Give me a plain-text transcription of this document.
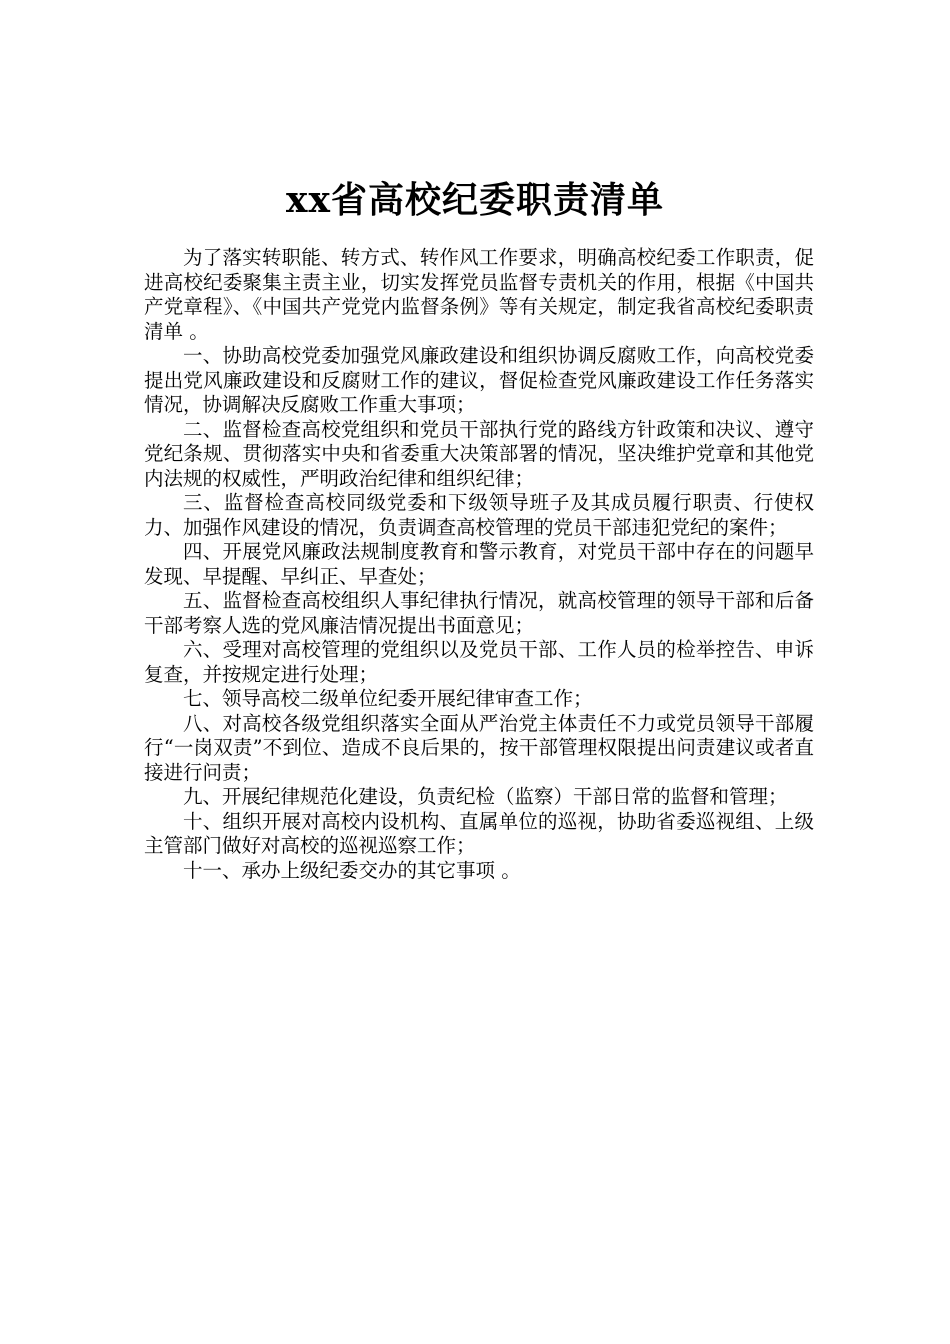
xx省高校纪委职责清单

为了落实转职能、转方式、转作风工作要求，明确高校纪委工作职责，促进高校纪委聚集主责主业，切实发挥党员监督专责机关的作用，根据《中国共产党章程》、《中国共产党党内监督条例》等有关规定，制定我省高校纪委职责清单 。

一、协助高校党委加强党风廉政建设和组织协调反腐败工作，向高校党委提出党风廉政建设和反腐财工作的建议，督促检查党风廉政建设工作任务落实情况，协调解决反腐败工作重大事项；

二、监督检查高校党组织和党员干部执行党的路线方针政策和决议、遵守党纪条规、贯彻落实中央和省委重大决策部署的情况，坚决维护党章和其他党内法规的权威性，严明政治纪律和组织纪律；

三、监督检查高校同级党委和下级领导班子及其成员履行职责、行使权力、加强作风建设的情况，负责调查高校管理的党员干部违犯党纪的案件；

四、开展党风廉政法规制度教育和警示教育，对党员干部中存在的问题早发现、早提醒、早纠正、早查处；

五、监督检查高校组织人事纪律执行情况，就高校管理的领导干部和后备干部考察人选的党风廉洁情况提出书面意见；

六、受理对高校管理的党组织以及党员干部、工作人员的检举控告、申诉复查，并按规定进行处理；

七、领导高校二级单位纪委开展纪律审查工作；

八、对高校各级党组织落实全面从严治党主体责任不力或党员领导干部履行“一岗双责”不到位、造成不良后果的，按干部管理权限提出问责建议或者直接进行问责；

九、开展纪律规范化建设，负责纪检（监察）干部日常的监督和管理；

十、组织开展对高校内设机构、直属单位的巡视，协助省委巡视组、上级主管部门做好对高校的巡视巡察工作；

十一、承办上级纪委交办的其它事项 。
